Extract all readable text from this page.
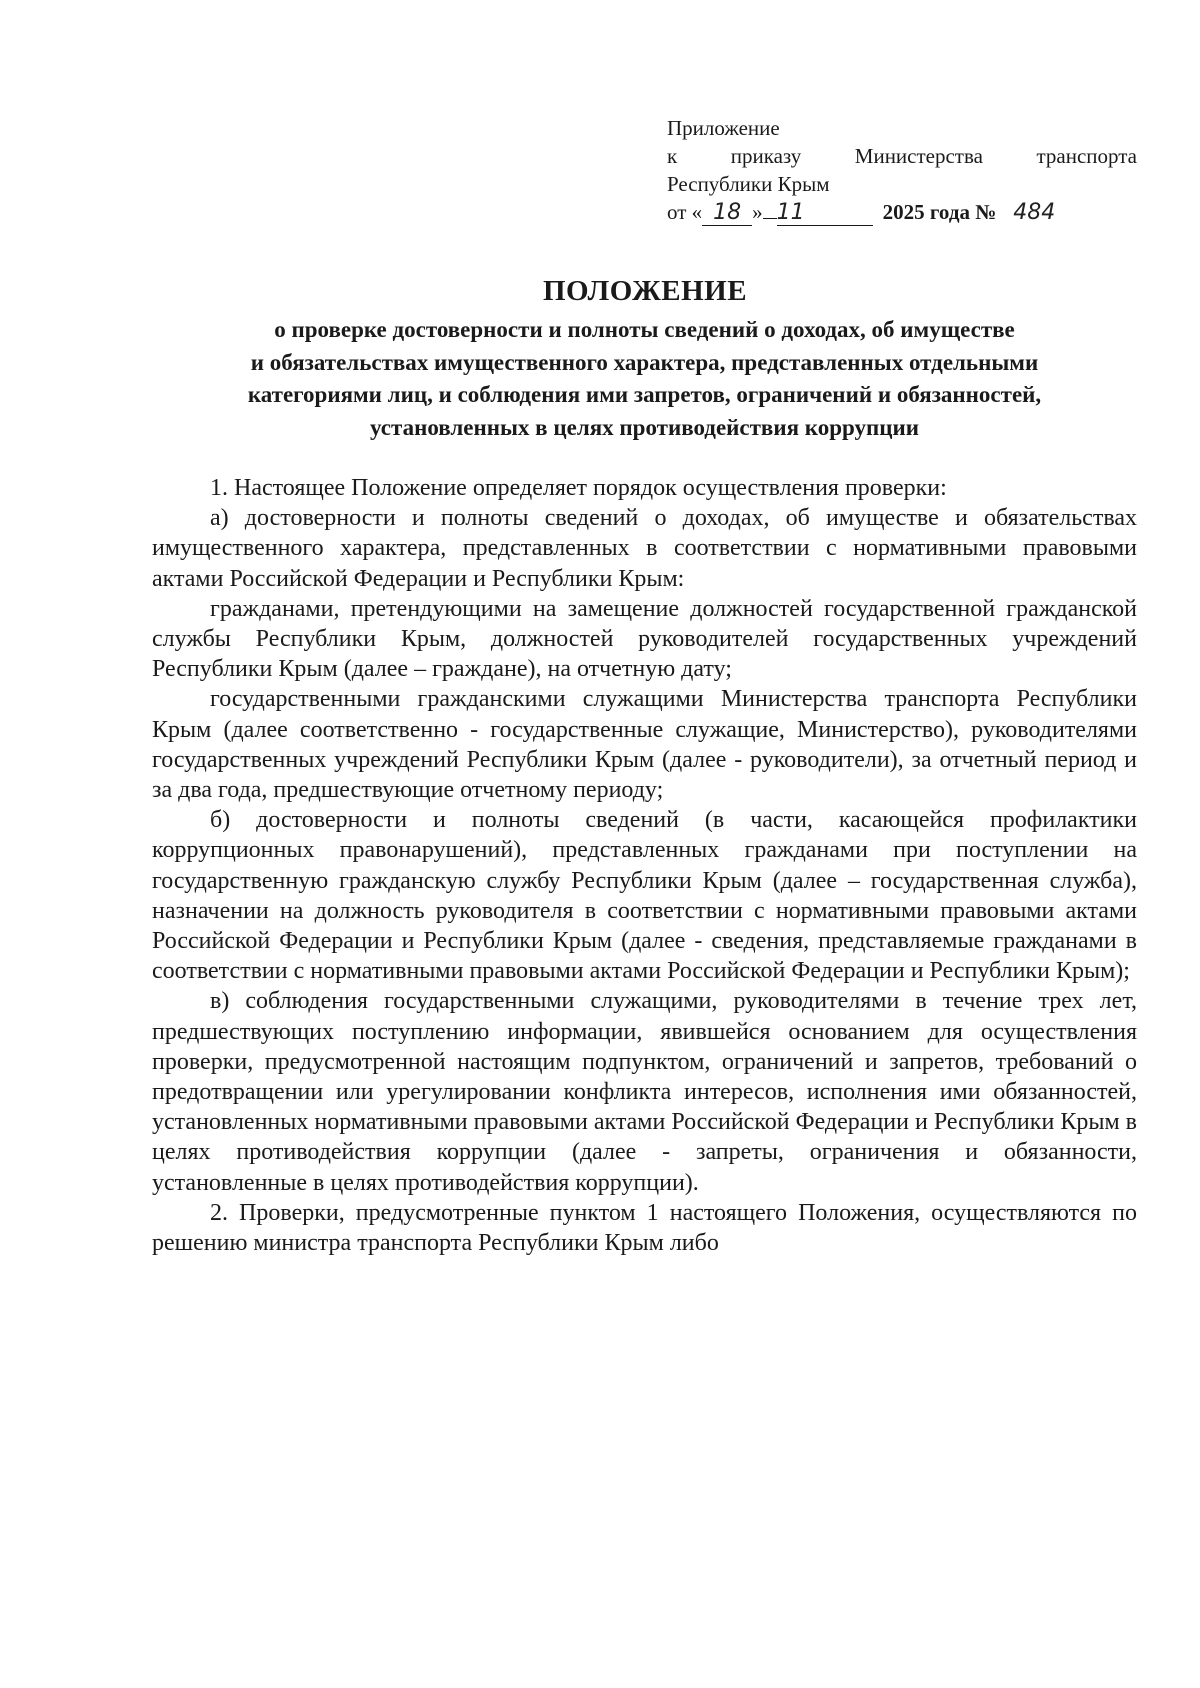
Приложение
к	приказу	Министерства	транспорта
Республики Крым
от « 18 » 11	2025 года № 484
ПОЛОЖЕНИЕ
о проверке достоверности и полноты сведений о доходах, об имуществе
и обязательствах имущественного характера, представленных отдельными
категориями лиц, и соблюдения ими запретов, ограничений и обязанностей,
установленных в целях противодействия коррупции

1. Настоящее Положение определяет порядок осуществления проверки:

а) достоверности и полноты сведений о доходах, об имуществе и обязательствах имущественного характера, представленных в соответствии с нормативными правовыми актами Российской Федерации и Республики Крым:

гражданами, претендующими на замещение должностей государственной гражданской службы Республики Крым, должностей руководителей государственных учреждений Республики Крым (далее – граждане), на отчетную дату;

государственными гражданскими служащими Министерства транспорта Республики Крым (далее соответственно - государственные служащие, Министерство), руководителями государственных учреждений Республики Крым (далее - руководители), за отчетный период и за два года, предшествующие отчетному периоду;

б) достоверности и полноты сведений (в части, касающейся профилактики коррупционных правонарушений), представленных гражданами при поступлении на государственную гражданскую службу Республики Крым (далее – государственная служба), назначении на должность руководителя в соответствии с нормативными правовыми актами Российской Федерации и Республики Крым (далее - сведения, представляемые гражданами в соответствии с нормативными правовыми актами Российской Федерации и Республики Крым);

в) соблюдения государственными служащими, руководителями в течение трех лет, предшествующих поступлению информации, явившейся основанием для осуществления проверки, предусмотренной настоящим подпунктом, ограничений и запретов, требований о предотвращении или урегулировании конфликта интересов, исполнения ими обязанностей, установленных нормативными правовыми актами Российской Федерации и Республики Крым в целях противодействия коррупции (далее - запреты, ограничения и обязанности, установленные в целях противодействия коррупции).

2. Проверки, предусмотренные пунктом 1 настоящего Положения, осуществляются по решению министра транспорта Республики Крым либо
